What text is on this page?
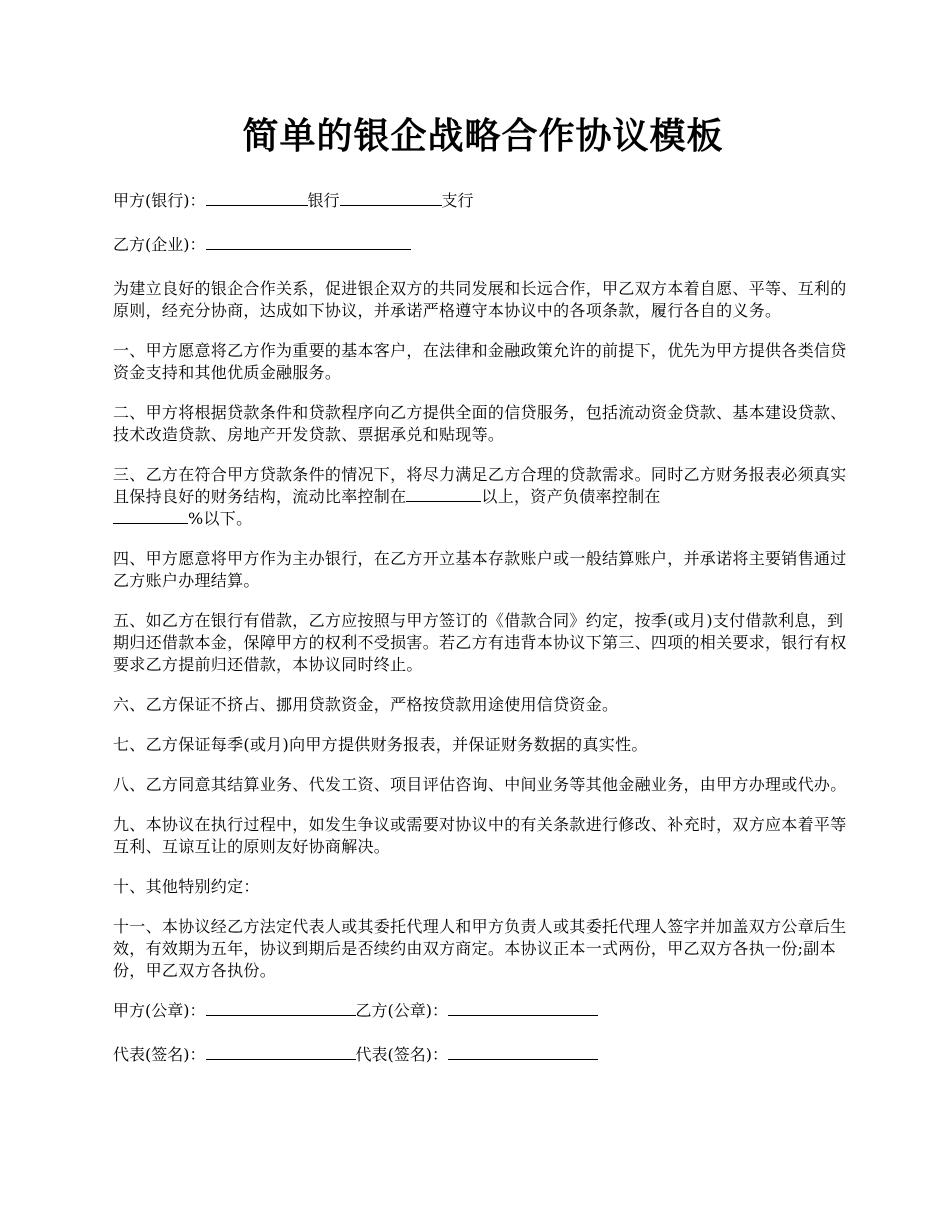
简单的银企战略合作协议模板
甲方(银行)：	银行	支行
乙方(企业)：

为建立良好的银企合作关系，促进银企双方的共同发展和长远合作，甲乙双方本着自愿、平等、互利的原则，经充分协商，达成如下协议，并承诺严格遵守本协议中的各项条款，履行各自的义务。

一、甲方愿意将乙方作为重要的基本客户，在法律和金融政策允许的前提下，优先为甲方提供各类信贷资金支持和其他优质金融服务。

二、甲方将根据贷款条件和贷款程序向乙方提供全面的信贷服务，包括流动资金贷款、基本建设贷款、技术改造贷款、房地产开发贷款、票据承兑和贴现等。

三、乙方在符合甲方贷款条件的情况下，将尽力满足乙方合理的贷款需求。同时乙方财务报表必须真实且保持良好的财务结构，流动比率控制在	以上，资产负债率控制在
%以下。

四、甲方愿意将甲方作为主办银行，在乙方开立基本存款账户或一般结算账户，并承诺将主要销售通过乙方账户办理结算。

五、如乙方在银行有借款，乙方应按照与甲方签订的《借款合同》约定，按季(或月)支付借款利息，到期归还借款本金，保障甲方的权利不受损害。若乙方有违背本协议下第三、四项的相关要求，银行有权要求乙方提前归还借款，本协议同时终止。

六、乙方保证不挤占、挪用贷款资金，严格按贷款用途使用信贷资金。

七、乙方保证每季(或月)向甲方提供财务报表，并保证财务数据的真实性。

八、乙方同意其结算业务、代发工资、项目评估咨询、中间业务等其他金融业务，由甲方办理或代办。

九、本协议在执行过程中，如发生争议或需要对协议中的有关条款进行修改、补充时，双方应本着平等互利、互谅互让的原则友好协商解决。

十、其他特别约定：

十一、本协议经乙方法定代表人或其委托代理人和甲方负责人或其委托代理人签字并加盖双方公章后生效，有效期为五年，协议到期后是否续约由双方商定。本协议正本一式两份，甲乙双方各执一份;副本份，甲乙双方各执份。

甲方(公章)：	乙方(公章)：
代表(签名)：	代表(签名)：
